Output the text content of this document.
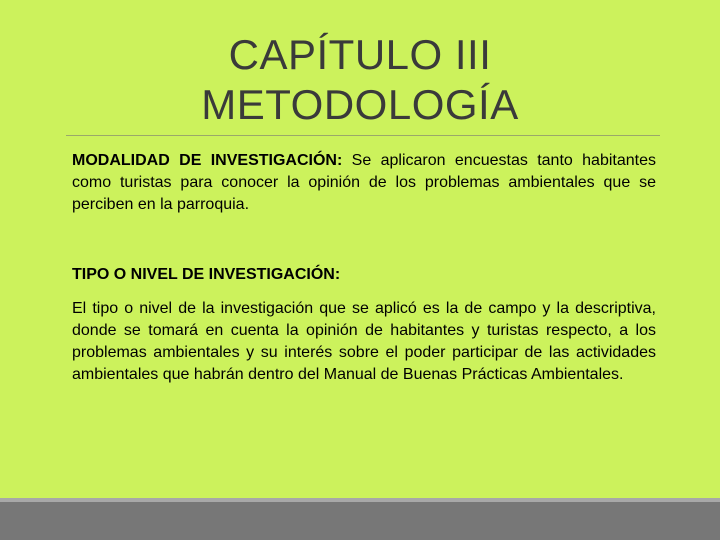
CAPÍTULO III
METODOLOGÍA

MODALIDAD DE INVESTIGACIÓN: Se aplicaron encuestas tanto habitantes como turistas para conocer la opinión de los problemas ambientales que se perciben en la parroquia.

TIPO O NIVEL DE INVESTIGACIÓN:

El tipo o nivel de la investigación que se aplicó es la de campo y la descriptiva, donde se tomará en cuenta la opinión de habitantes y turistas respecto, a los problemas ambientales y su interés sobre el poder participar de las actividades ambientales que habrán dentro del Manual de Buenas Prácticas Ambientales.
